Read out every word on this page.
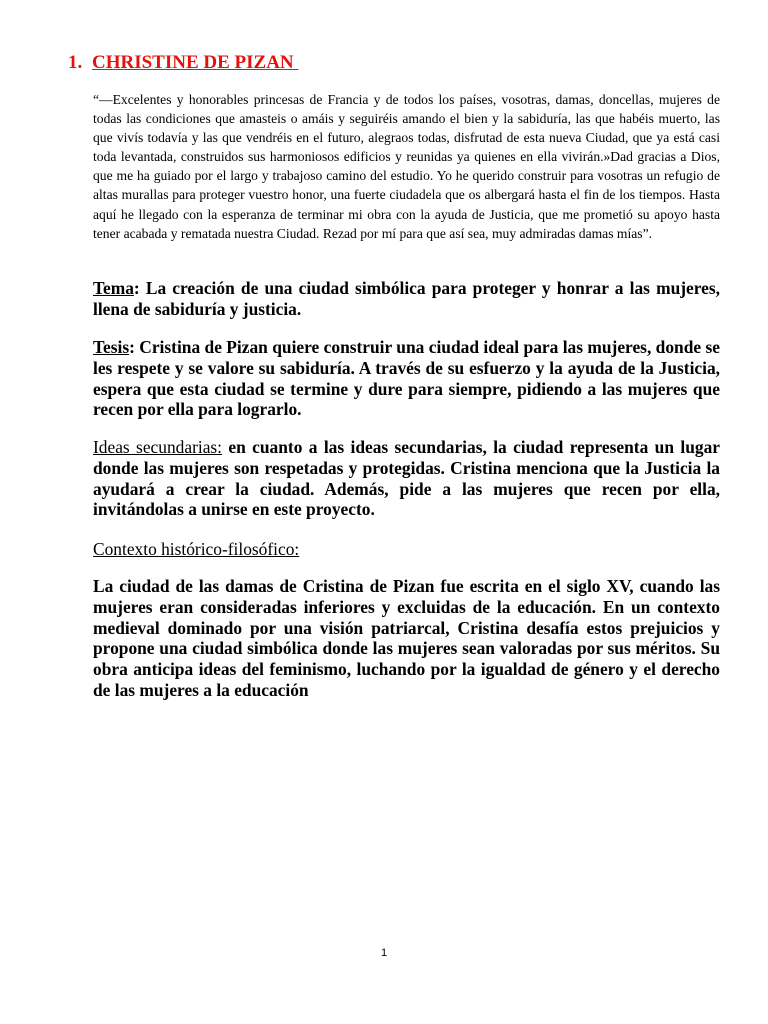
1. CHRISTINE DE PIZAN
“—Excelentes y honorables princesas de Francia y de todos los países, vosotras, damas, doncellas, mujeres de todas las condiciones que amasteis o amáis y seguiréis amando el bien y la sabiduría, las que habéis muerto, las que vivís todavía y las que vendréis en el futuro, alegraos todas, disfrutad de esta nueva Ciudad, que ya está casi toda levantada, construidos sus harmoniosos edificios y reunidas ya quienes en ella vivirán.»Dad gracias a Dios, que me ha guiado por el largo y trabajoso camino del estudio. Yo he querido construir para vosotras un refugio de altas murallas para proteger vuestro honor, una fuerte ciudadela que os albergará hasta el fin de los tiempos. Hasta aquí he llegado con la esperanza de terminar mi obra con la ayuda de Justicia, que me prometió su apoyo hasta tener acabada y rematada nuestra Ciudad. Rezad por mí para que así sea, muy admiradas damas mías”.
Tema: La creación de una ciudad simbólica para proteger y honrar a las mujeres, llena de sabiduría y justicia.
Tesis: Cristina de Pizan quiere construir una ciudad ideal para las mujeres, donde se les respete y se valore su sabiduría. A través de su esfuerzo y la ayuda de la Justicia, espera que esta ciudad se termine y dure para siempre, pidiendo a las mujeres que recen por ella para lograrlo.
Ideas secundarias: en cuanto a las ideas secundarias, la ciudad representa un lugar donde las mujeres son respetadas y protegidas. Cristina menciona que la Justicia la ayudará a crear la ciudad. Además, pide a las mujeres que recen por ella, invitándolas a unirse en este proyecto.
Contexto histórico-filosófico:
La ciudad de las damas de Cristina de Pizan fue escrita en el siglo XV, cuando las mujeres eran consideradas inferiores y excluidas de la educación. En un contexto medieval dominado por una visión patriarcal, Cristina desafía estos prejuicios y propone una ciudad simbólica donde las mujeres sean valoradas por sus méritos. Su obra anticipa ideas del feminismo, luchando por la igualdad de género y el derecho de las mujeres a la educación
1
